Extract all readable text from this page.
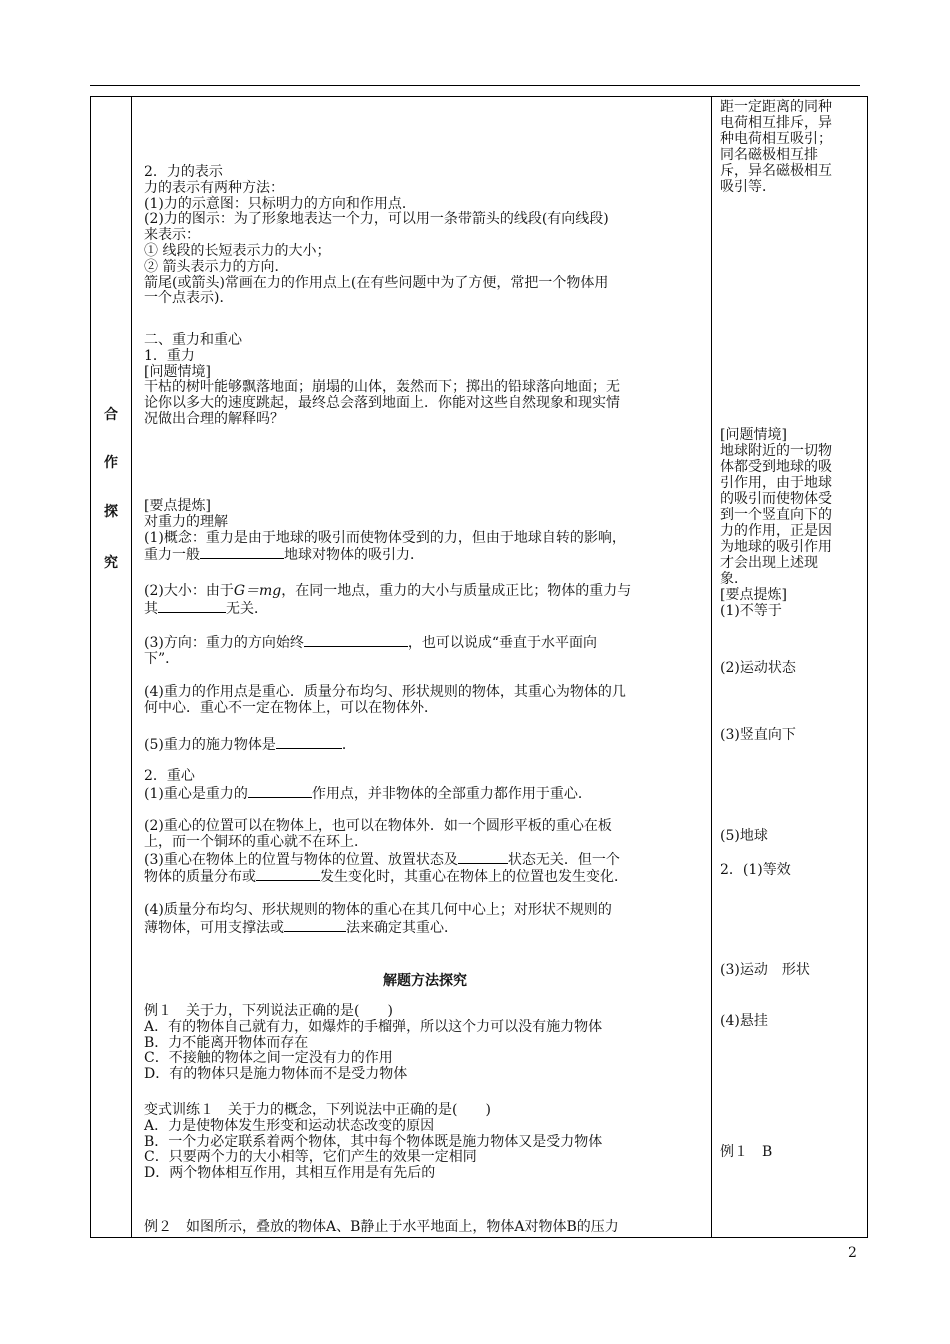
合
作
探
究

2．力的表示

力的表示有两种方法：

(1)力的示意图：只标明力的方向和作用点．

(2)力的图示：为了形象地表达一个力，可以用一条带箭头的线段(有向线段)

来表示：

① 线段的长短表示力的大小；

② 箭头表示力的方向．

箭尾(或箭头)常画在力的作用点上(在有些问题中为了方便，常把一个物体用

一个点表示)．

二、重力和重心

1．重力

[问题情境]

干枯的树叶能够飘落地面；崩塌的山体，轰然而下；掷出的铅球落向地面；无

论你以多大的速度跳起，最终总会落到地面上．你能对这些自然现象和现实情

况做出合理的解释吗？

[要点提炼]

对重力的理解

(1)概念：重力是由于地球的吸引而使物体受到的力，但由于地球自转的影响，

重力一般	地球对物体的吸引力．

(2)大小：由于G＝mg，在同一地点，重力的大小与质量成正比；物体的重力与

其	无关．

(3)方向：重力的方向始终	，也可以说成“垂直于水平面向

下”．

(4)重力的作用点是重心．质量分布均匀、形状规则的物体，其重心为物体的几

何中心．重心不一定在物体上，可以在物体外．

(5)重力的施力物体是	．

2．重心

(1)重心是重力的	作用点，并非物体的全部重力都作用于重心．

(2)重心的位置可以在物体上，也可以在物体外．如一个圆形平板的重心在板

上，而一个铜环的重心就不在环上．

(3)重心在物体上的位置与物体的位置、放置状态及	状态无关．但一个

物体的质量分布或	发生变化时，其重心在物体上的位置也发生变化．

(4)质量分布均匀、形状规则的物体的重心在其几何中心上；对形状不规则的

薄物体，可用支撑法或	法来确定其重心．

解题方法探究

例１　关于力，下列说法正确的是(　　)

A．有的物体自己就有力，如爆炸的手榴弹，所以这个力可以没有施力物体

B．力不能离开物体而存在

C．不接触的物体之间一定没有力的作用

D．有的物体只是施力物体而不是受力物体

变式训练１　关于力的概念，下列说法中正确的是(　　)

A．力是使物体发生形变和运动状态改变的原因

B．一个力必定联系着两个物体，其中每个物体既是施力物体又是受力物体

C．只要两个力的大小相等，它们产生的效果一定相同

D．两个物体相互作用，其相互作用是有先后的

例２　如图所示，叠放的物体A、B静止于水平地面上，物体A对物体B的压力

距一定距离的同种

电荷相互排斥，异

种电荷相互吸引；

同名磁极相互排

斥，异名磁极相互

吸引等．

[问题情境]

地球附近的一切物

体都受到地球的吸

引作用，由于地球

的吸引而使物体受

到一个竖直向下的

力的作用，正是因

为地球的吸引作用

才会出现上述现

象．

[要点提炼]

(1)不等于

(2)运动状态
(3)竖直向下
(5)地球
2．(1)等效
(3)运动　形状
(4)悬挂
例１　B
2
